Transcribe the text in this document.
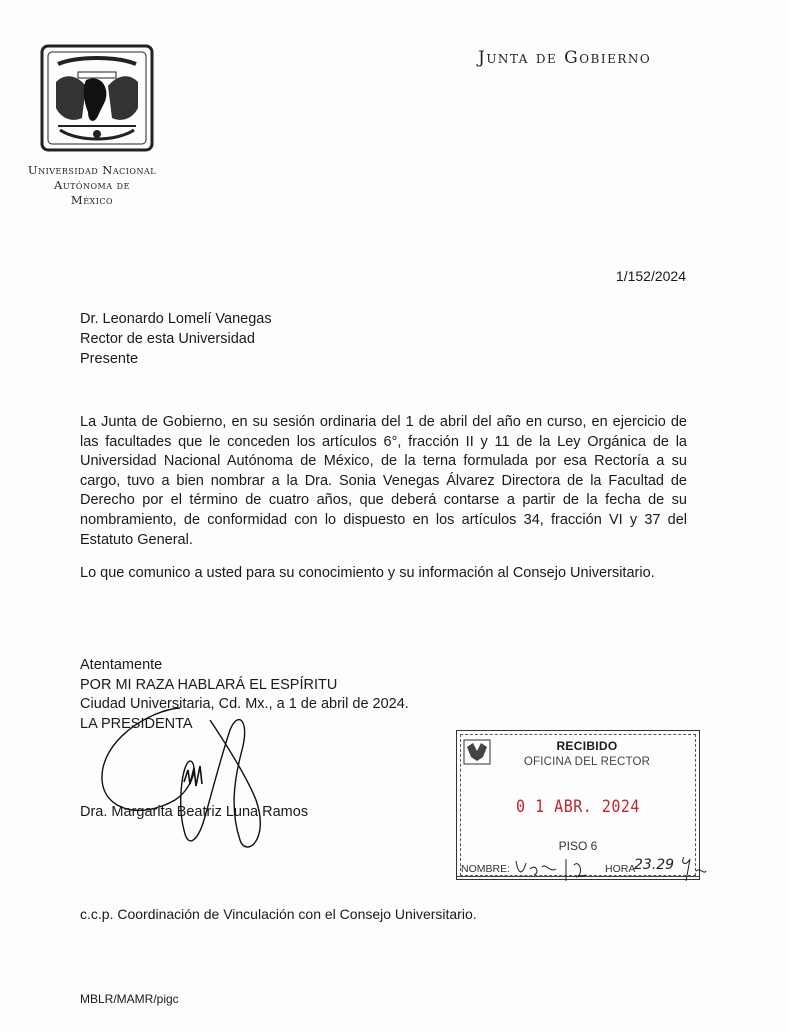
Universidad Nacional
Autónoma de
México
Junta de Gobierno
1/152/2024
Dr. Leonardo Lomelí Vanegas
Rector de esta Universidad
Presente

La Junta de Gobierno, en su sesión ordinaria del 1 de abril del año en curso, en ejercicio de las facultades que le conceden los artículos 6°, fracción II y 11 de la Ley Orgánica de la Universidad Nacional Autónoma de México, de la terna formulada por esa Rectoría a su cargo, tuvo a bien nombrar a la Dra. Sonia Venegas Álvarez Directora de la Facultad de Derecho por el término de cuatro años, que deberá contarse a partir de la fecha de su nombramiento, de conformidad con lo dispuesto en los artículos 34, fracción VI y 37 del Estatuto General.

Lo que comunico a usted para su conocimiento y su información al Consejo Universitario.

Atentamente
POR MI RAZA HABLARÁ EL ESPÍRITU
Ciudad Universitaria, Cd. Mx., a 1 de abril de 2024.
LA PRESIDENTA
Dra. Margarita Beatriz Luna Ramos
RECIBIDO
OFICINA DEL RECTOR
0 1 ABR. 2024
PISO 6
NOMBRE:	HORA
23.29
c.c.p. Coordinación de Vinculación con el Consejo Universitario.
MBLR/MAMR/pigc
